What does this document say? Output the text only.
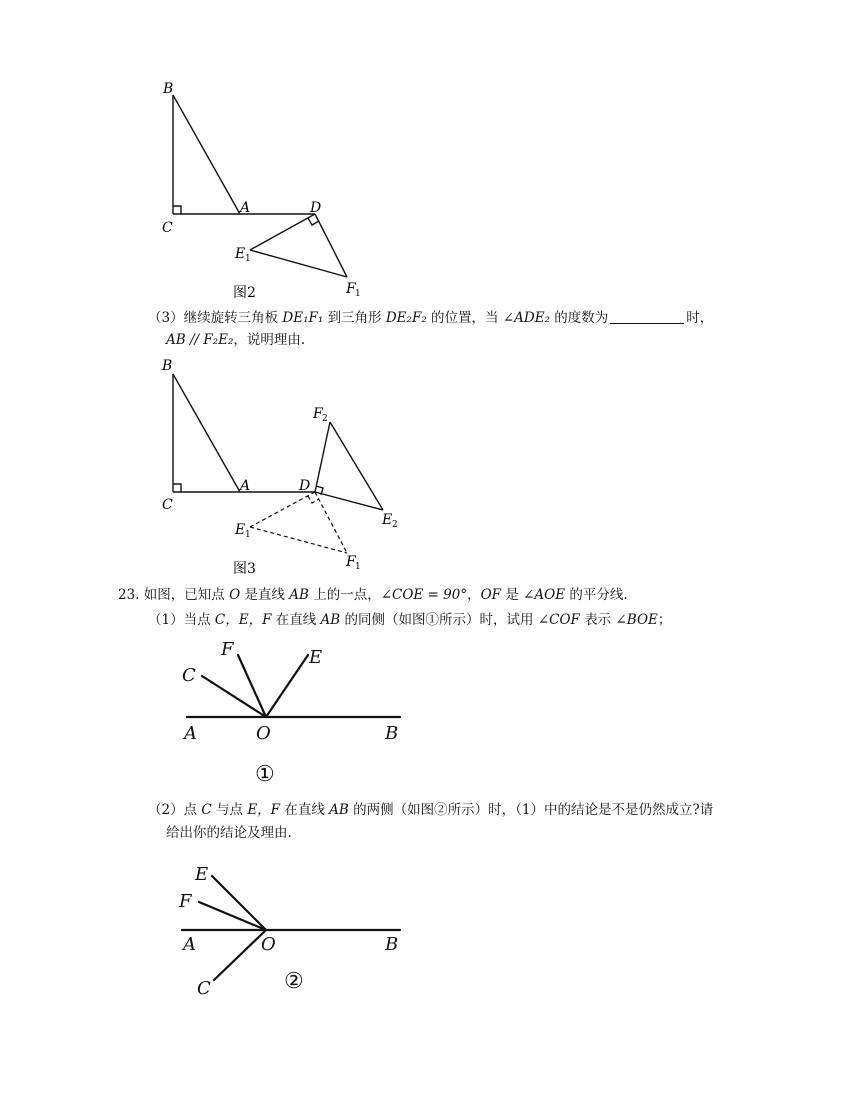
B
C
A	D
E 1
F 1
图2
（3）继续旋转三角板 DE₁F₁ 到三角形 DE₂F₂ 的位置，当 ∠ADE₂ 的度数为	时，
AB // F₂E₂，说明理由.
B
C
A	D
F 2
E 2
E 1
F 1
图3
23. 如图，已知点 O 是直线 AB 上的一点，∠COE = 90°，OF 是 ∠AOE 的平分线.
（1）当点 C，E，F 在直线 AB 的同侧（如图①所示）时，试用 ∠COF 表示 ∠BOE；
C
F	E
A	O	B
①
（2）点 C 与点 E，F 在直线 AB 的两侧（如图②所示）时，（1）中的结论是不是仍然成立?请
给出你的结论及理由.
E
F
A	O	B
C	②
